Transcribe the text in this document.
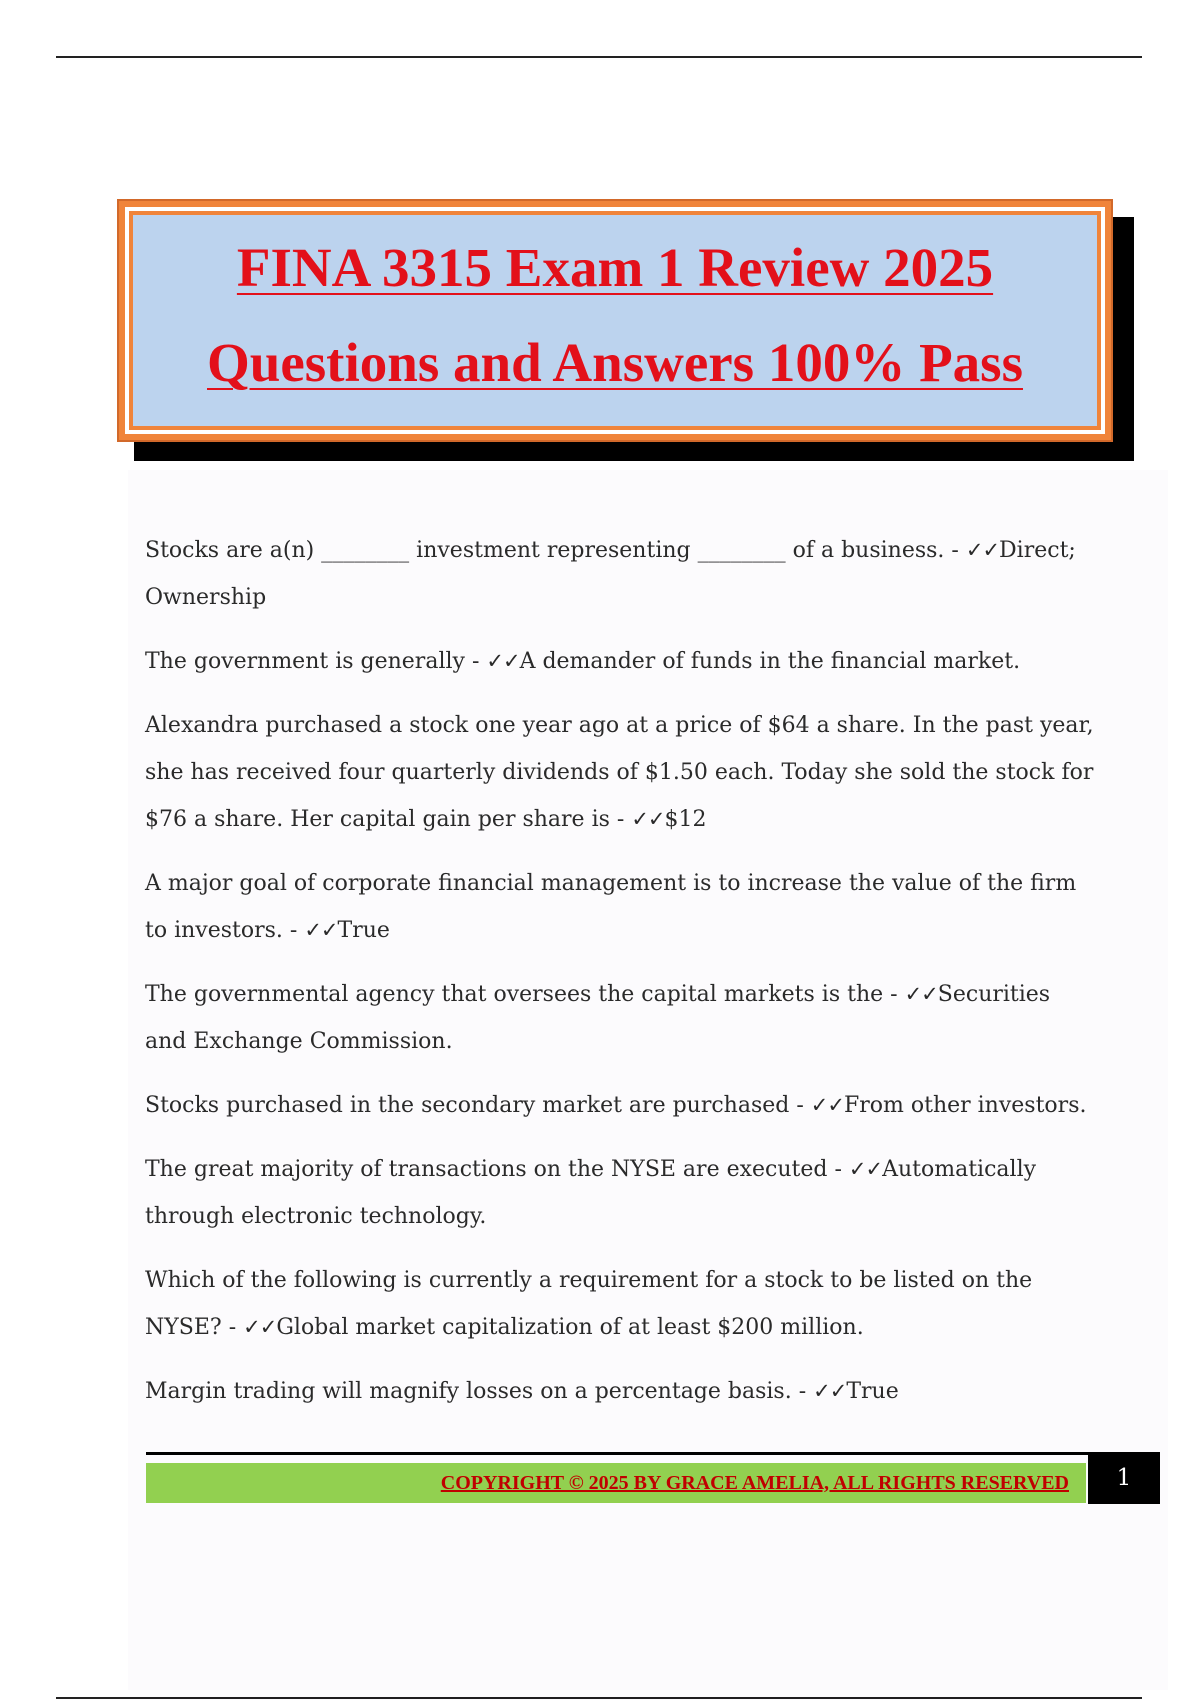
FINA 3315 Exam 1 Review 2025
Questions and Answers 100% Pass

Stocks are a(n) ________ investment representing ________ of a business. - ✓✓Direct; Ownership

The government is generally - ✓✓A demander of funds in the financial market.

Alexandra purchased a stock one year ago at a price of $64 a share. In the past year, she has received four quarterly dividends of $1.50 each. Today she sold the stock for $76 a share. Her capital gain per share is - ✓✓$12

A major goal of corporate financial management is to increase the value of the firm to investors. - ✓✓True

The governmental agency that oversees the capital markets is the - ✓✓Securities and Exchange Commission.

Stocks purchased in the secondary market are purchased - ✓✓From other investors.

The great majority of transactions on the NYSE are executed - ✓✓Automatically through electronic technology.

Which of the following is currently a requirement for a stock to be listed on the NYSE? - ✓✓Global market capitalization of at least $200 million.

Margin trading will magnify losses on a percentage basis. - ✓✓True

COPYRIGHT © 2025 BY GRACE AMELIA, ALL RIGHTS RESERVED	1
